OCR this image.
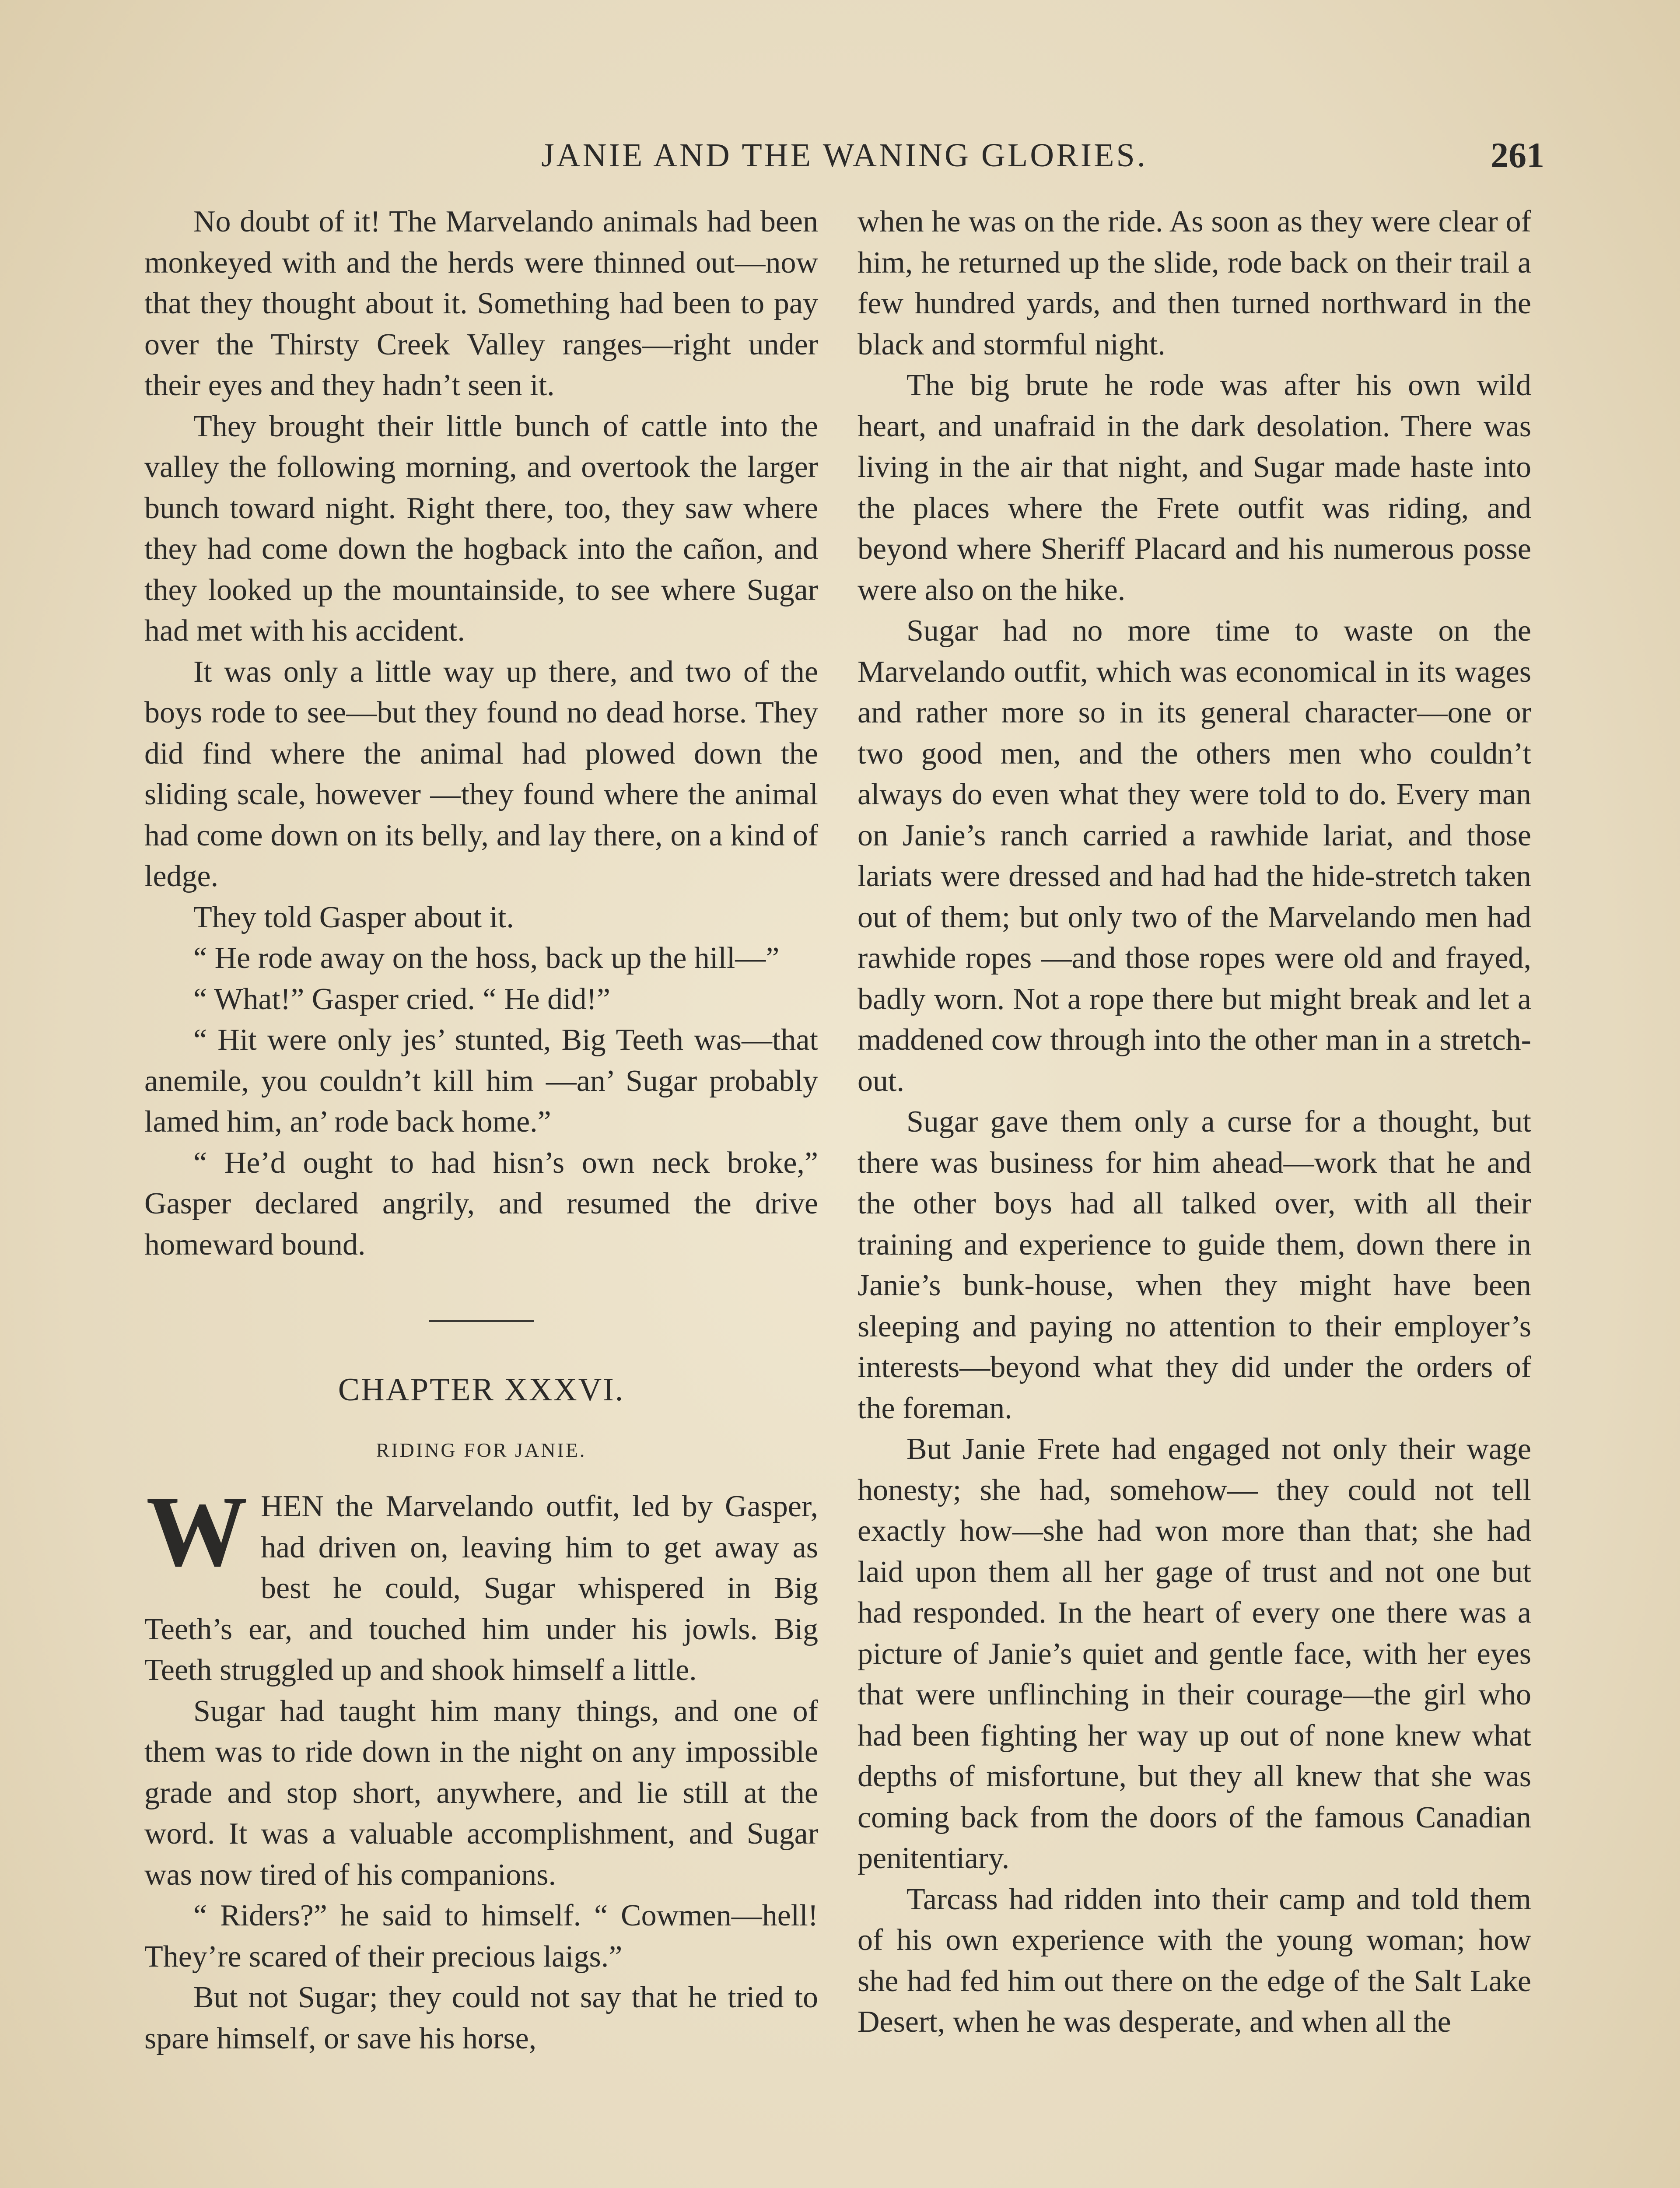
JANIE AND THE WANING GLORIES.	261

No doubt of it! The Marvelando animals had been monkeyed with and the herds were thinned out—now that they thought about it. Something had been to pay over the Thirsty Creek Valley ranges—right under their eyes and they hadn’t seen it.

They brought their little bunch of cattle into the valley the following morning, and overtook the larger bunch toward night. Right there, too, they saw where they had come down the hogback into the cañon, and they looked up the mountainside, to see where Sugar had met with his accident.

It was only a little way up there, and two of the boys rode to see—but they found no dead horse. They did find where the animal had plowed down the sliding scale, however —they found where the animal had come down on its belly, and lay there, on a kind of ledge.

They told Gasper about it.

“ He rode away on the hoss, back up the hill—”

“ What!” Gasper cried. “ He did!”

“ Hit were only jes’ stunted, Big Teeth was—that anemile, you couldn’t kill him —an’ Sugar probably lamed him, an’ rode back home.”

“ He’d ought to had hisn’s own neck broke,” Gasper declared angrily, and resumed the drive homeward bound.

CHAPTER XXXVI.
RIDING FOR JANIE.

WHEN the Marvelando outfit, led by Gasper, had driven on, leaving him to get away as best he could, Sugar whispered in Big Teeth’s ear, and touched him under his jowls. Big Teeth struggled up and shook himself a little.

Sugar had taught him many things, and one of them was to ride down in the night on any impossible grade and stop short, anywhere, and lie still at the word. It was a valuable accomplishment, and Sugar was now tired of his companions.

“ Riders?” he said to himself. “ Cowmen—hell! They’re scared of their precious laigs.”

But not Sugar; they could not say that he tried to spare himself, or save his horse,

when he was on the ride. As soon as they were clear of him, he returned up the slide, rode back on their trail a few hundred yards, and then turned northward in the black and stormful night.

The big brute he rode was after his own wild heart, and unafraid in the dark desolation. There was living in the air that night, and Sugar made haste into the places where the Frete outfit was riding, and beyond where Sheriff Placard and his numerous posse were also on the hike.

Sugar had no more time to waste on the Marvelando outfit, which was economical in its wages and rather more so in its general character—one or two good men, and the others men who couldn’t always do even what they were told to do. Every man on Janie’s ranch carried a rawhide lariat, and those lariats were dressed and had had the hide-stretch taken out of them; but only two of the Marvelando men had rawhide ropes —and those ropes were old and frayed, badly worn. Not a rope there but might break and let a maddened cow through into the other man in a stretch-out.

Sugar gave them only a curse for a thought, but there was business for him ahead—work that he and the other boys had all talked over, with all their training and experience to guide them, down there in Janie’s bunk-house, when they might have been sleeping and paying no attention to their employer’s interests—beyond what they did under the orders of the foreman.

But Janie Frete had engaged not only their wage honesty; she had, somehow— they could not tell exactly how—she had won more than that; she had laid upon them all her gage of trust and not one but had responded. In the heart of every one there was a picture of Janie’s quiet and gentle face, with her eyes that were unflinching in their courage—the girl who had been fighting her way up out of none knew what depths of misfortune, but they all knew that she was coming back from the doors of the famous Canadian penitentiary.

Tarcass had ridden into their camp and told them of his own experience with the young woman; how she had fed him out there on the edge of the Salt Lake Desert, when he was desperate, and when all the
